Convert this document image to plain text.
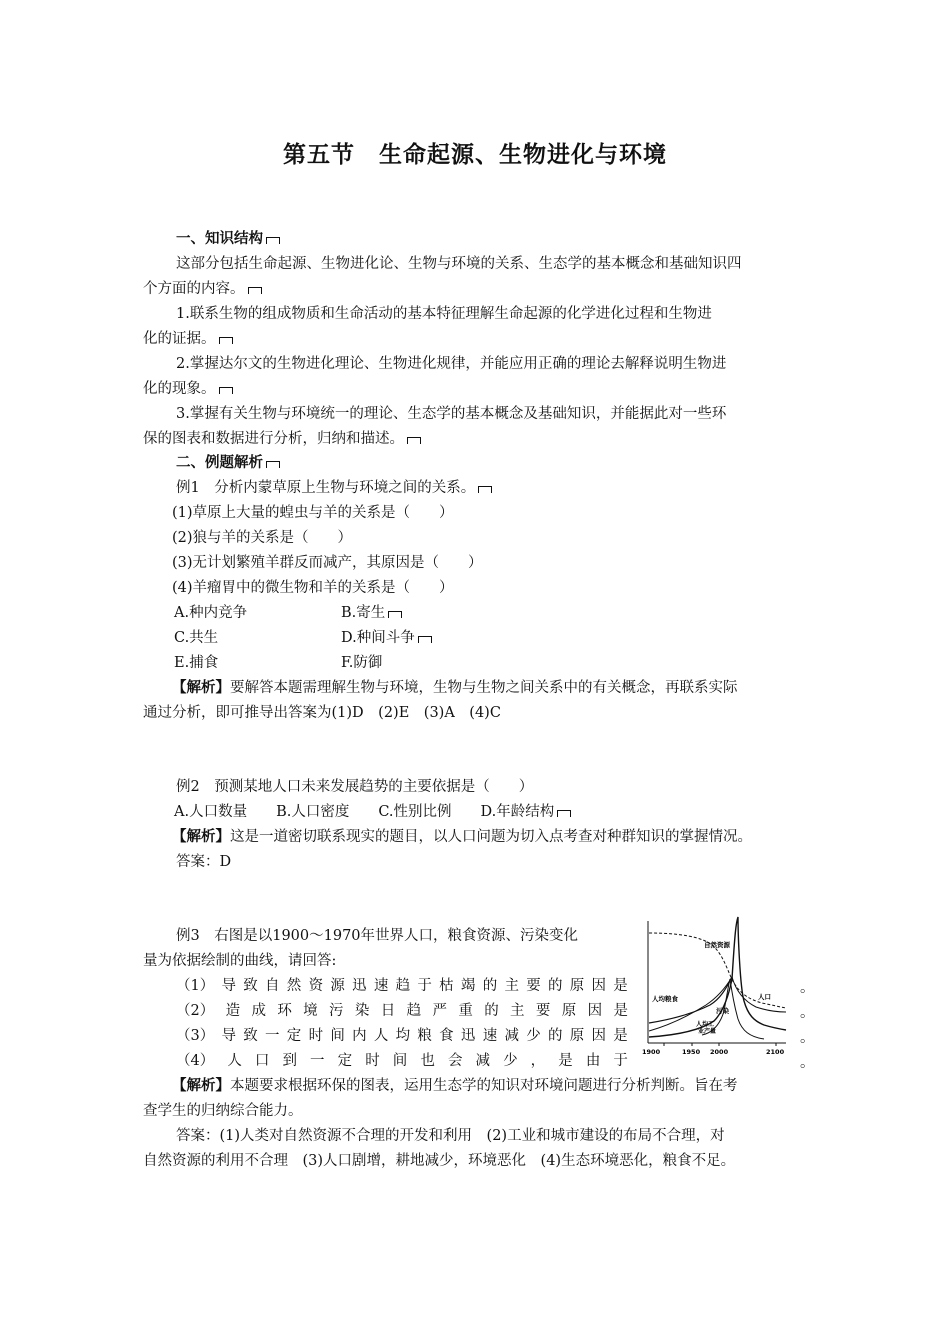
第五节　生命起源、生物进化与环境
一、知识结构
这部分包括生命起源、生物进化论、生物与环境的关系、生态学的基本概念和基础知识四
个方面的内容。
1.联系生物的组成物质和生命活动的基本特征理解生命起源的化学进化过程和生物进
化的证据。
2.掌握达尔文的生物进化理论、生物进化规律，并能应用正确的理论去解释说明生物进
化的现象。
3.掌握有关生物与环境统一的理论、生态学的基本概念及基础知识，并能据此对一些环
保的图表和数据进行分析，归纳和描述。
二、例题解析
例1　分析内蒙草原上生物与环境之间的关系。
(1)草原上大量的蝗虫与羊的关系是（　　）
(2)狼与羊的关系是（　　）
(3)无计划繁殖羊群反而减产，其原因是（　　）
(4)羊瘤胃中的微生物和羊的关系是（　　）
A.种内竞争	B.寄生
C.共生	D.种间斗争
E.捕食	F.防御
【解析】要解答本题需理解生物与环境，生物与生物之间关系中的有关概念，再联系实际
通过分析，即可推导出答案为(1)D　(2)E　(3)A　(4)C
例2　预测某地人口未来发展趋势的主要依据是（　　）
A.人口数量　　B.人口密度　　C.性别比例　　D.年龄结构
【解析】这是一道密切联系现实的题目，以人口问题为切入点考查对种群知识的掌握情况。
答案：D
例3　右图是以1900～1970年世界人口，粮食资源、污染变化
量为依据绘制的曲线，请回答:
（1） 导 致 自 然 资 源 迅 速 趋 于 枯 竭 的 主 要 的 原 因 是
（2） 造 成 环 境 污 染 日 趋 严 重 的 主 要 原 因 是
（3） 导 致 一 定 时 间 内 人 均 粮 食 迅 速 减 少 的 原 因 是
（4） 人 口 到 一 定 时 间 也 会 减 少 ， 是 由 于
。
。
。
。
自然资源
人均粮食
污染
人口
人均工
业产量
1900	1950 2000	2100
【解析】本题要求根据环保的图表，运用生态学的知识对环境问题进行分析判断。旨在考
查学生的归纳综合能力。
答案：(1)人类对自然资源不合理的开发和利用　(2)工业和城市建设的布局不合理，对
自然资源的利用不合理　(3)人口剧增，耕地减少，环境恶化　(4)生态环境恶化，粮食不足。
